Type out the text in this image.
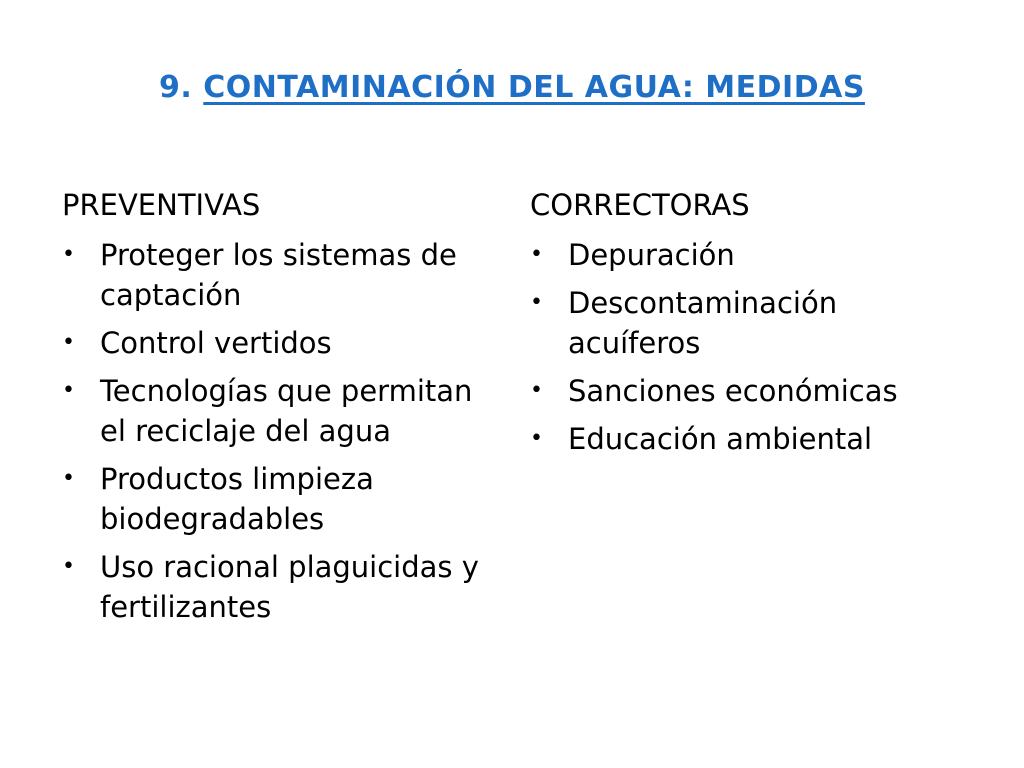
9. CONTAMINACIÓN DEL AGUA: MEDIDAS
PREVENTIVAS
• Proteger los sistemas de captación
• Control vertidos
• Tecnologías que permitan el reciclaje del agua
• Productos limpieza biodegradables
• Uso racional plaguicidas y fertilizantes
CORRECTORAS
• Depuración
• Descontaminación acuíferos
• Sanciones económicas
• Educación ambiental
